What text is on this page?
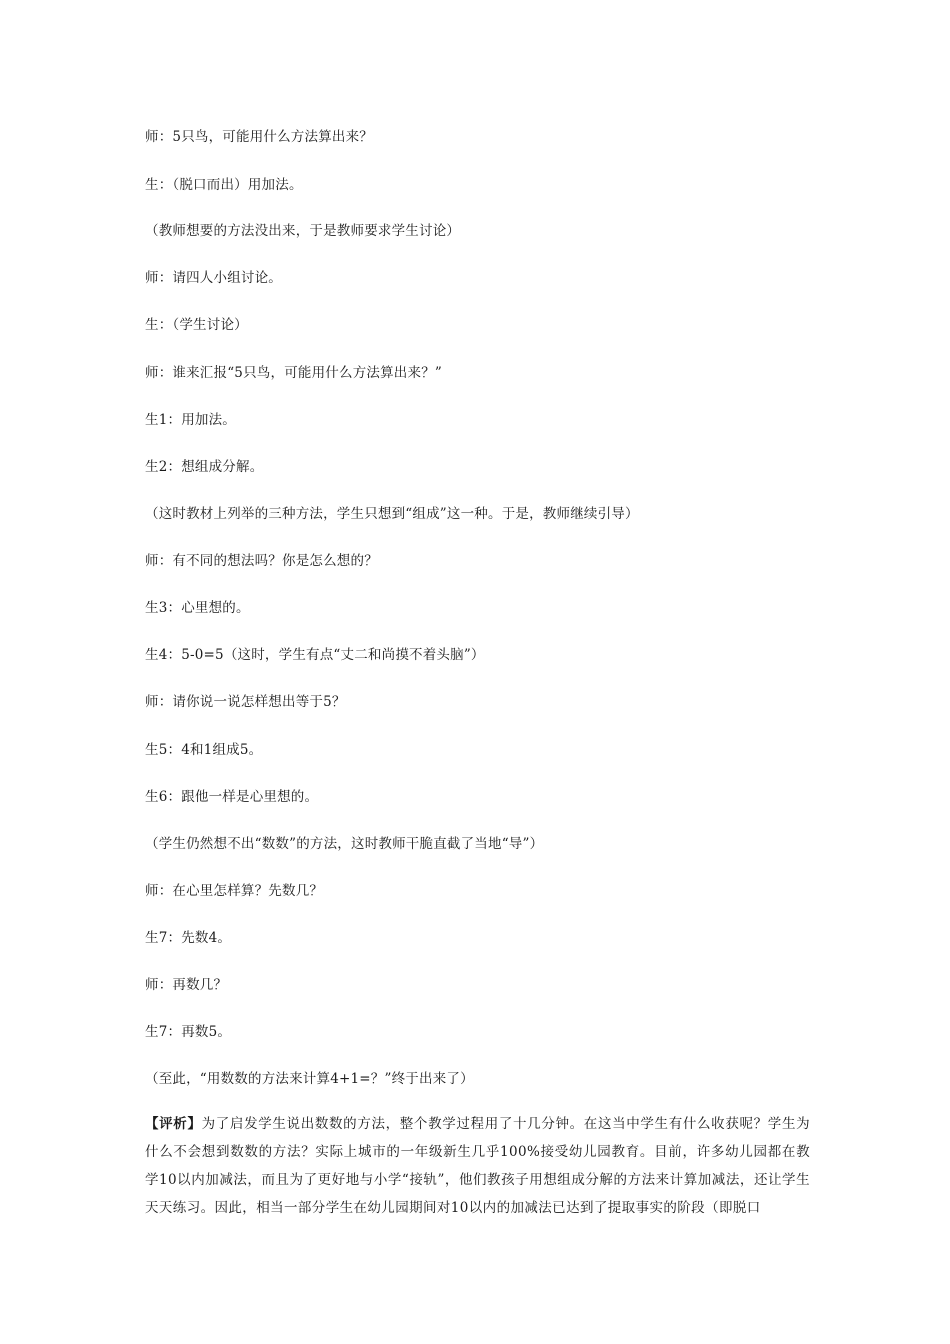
师：5只鸟，可能用什么方法算出来？
生：（脱口而出）用加法。
（教师想要的方法没出来，于是教师要求学生讨论）
师：请四人小组讨论。
生：（学生讨论）
师：谁来汇报“5只鸟，可能用什么方法算出来？”
生1：用加法。
生2：想组成分解。
（这时教材上列举的三种方法，学生只想到“组成”这一种。于是，教师继续引导）
师：有不同的想法吗？你是怎么想的？
生3：心里想的。
生4：5-0=5（这时，学生有点“丈二和尚摸不着头脑”）
师：请你说一说怎样想出等于5？
生5：4和1组成5。
生6：跟他一样是心里想的。
（学生仍然想不出“数数”的方法，这时教师干脆直截了当地“导”）
师：在心里怎样算？先数几？
生7：先数4。
师：再数几？
生7：再数5。
（至此，“用数数的方法来计算4+1=？”终于出来了）
【评析】为了启发学生说出数数的方法，整个教学过程用了十几分钟。在这当中学生有什么收获呢？学生为什么不会想到数数的方法？实际上城市的一年级新生几乎100%接受幼儿园教育。目前，许多幼儿园都在教学10以内加减法，而且为了更好地与小学“接轨”，他们教孩子用想组成分解的方法来计算加减法，还让学生天天练习。因此，相当一部分学生在幼儿园期间对10以内的加减法已达到了提取事实的阶段（即脱口
